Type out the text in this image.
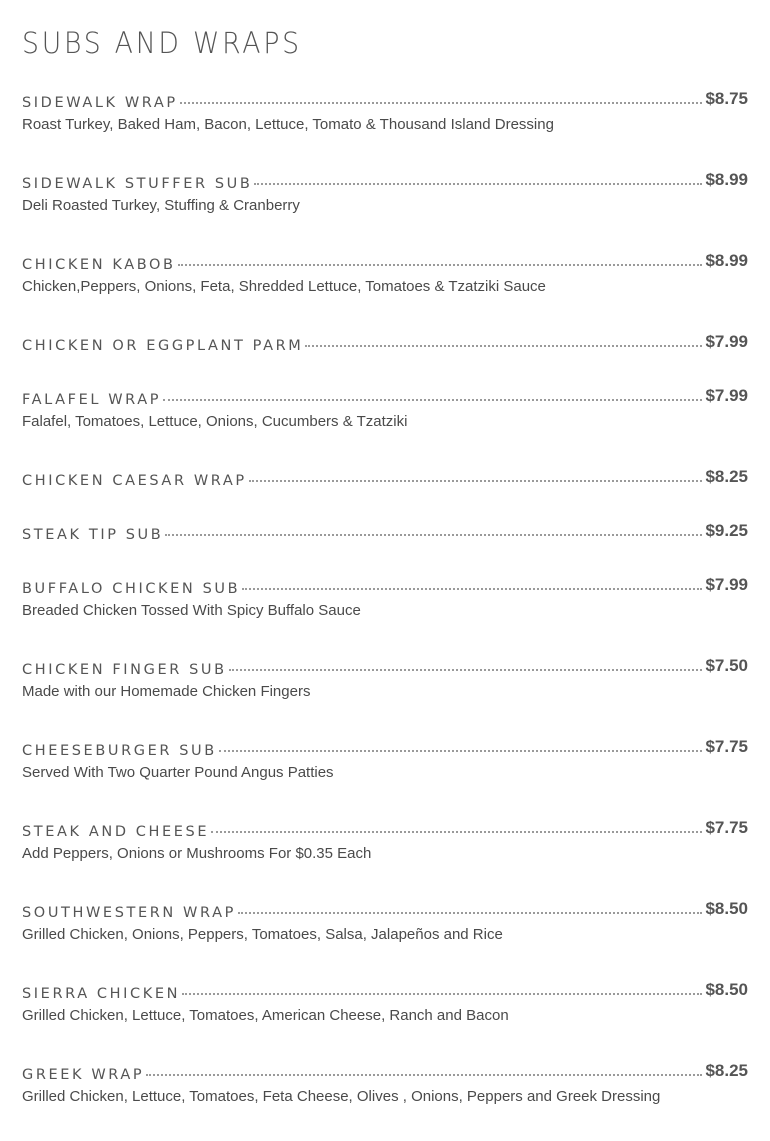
SUBS AND WRAPS
SIDEWALK WRAP	$8.75
Roast Turkey, Baked Ham, Bacon, Lettuce, Tomato & Thousand Island Dressing
SIDEWALK STUFFER SUB	$8.99
Deli Roasted Turkey, Stuffing & Cranberry
CHICKEN KABOB	$8.99
Chicken,Peppers, Onions, Feta, Shredded Lettuce, Tomatoes & Tzatziki Sauce
CHICKEN OR EGGPLANT PARM	$7.99
FALAFEL WRAP	$7.99
Falafel, Tomatoes, Lettuce, Onions, Cucumbers & Tzatziki
CHICKEN CAESAR WRAP	$8.25
STEAK TIP SUB	$9.25
BUFFALO CHICKEN SUB	$7.99
Breaded Chicken Tossed With Spicy Buffalo Sauce
CHICKEN FINGER SUB	$7.50
Made with our Homemade Chicken Fingers
CHEESEBURGER SUB	$7.75
Served With Two Quarter Pound Angus Patties
STEAK AND CHEESE	$7.75
Add Peppers, Onions or Mushrooms For $0.35 Each
SOUTHWESTERN WRAP	$8.50
Grilled Chicken, Onions, Peppers, Tomatoes, Salsa, Jalapeños and Rice
SIERRA CHICKEN	$8.50
Grilled Chicken, Lettuce, Tomatoes, American Cheese, Ranch and Bacon
GREEK WRAP	$8.25
Grilled Chicken, Lettuce, Tomatoes, Feta Cheese, Olives , Onions, Peppers and Greek Dressing
